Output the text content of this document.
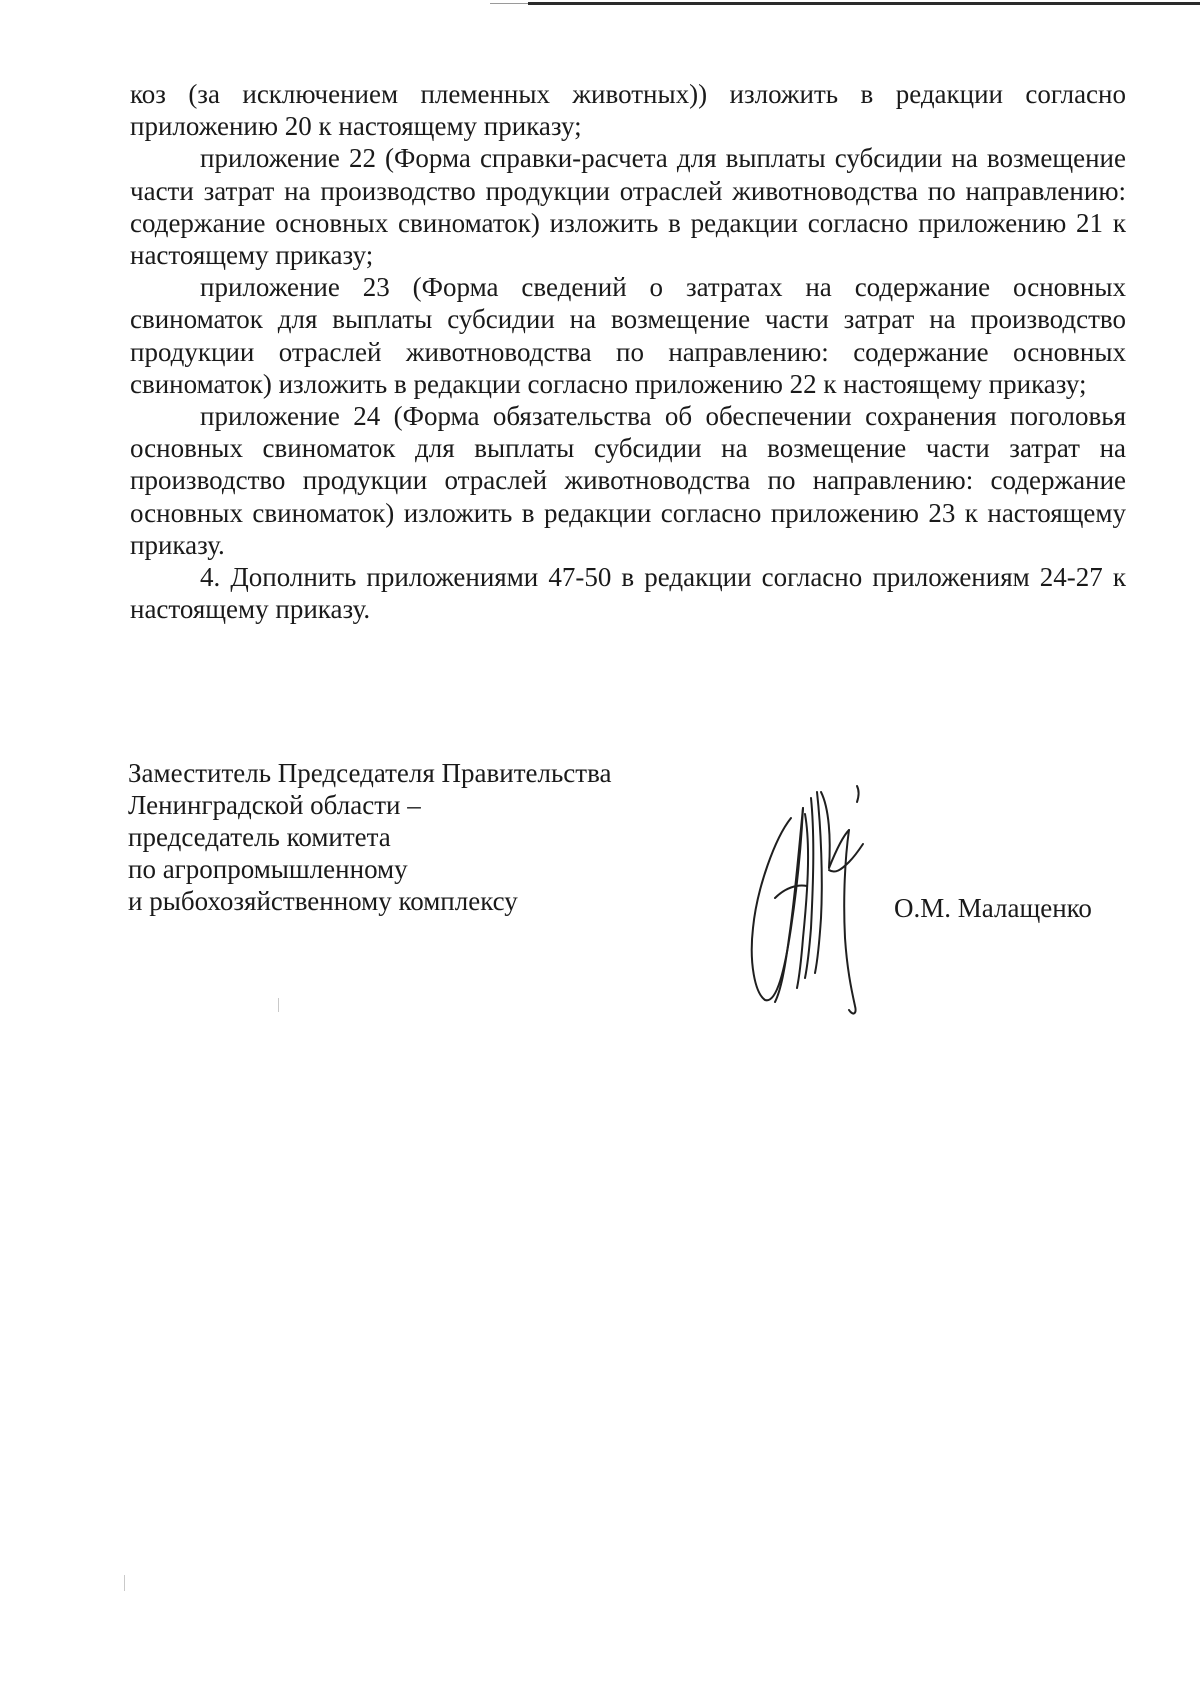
коз (за исключением племенных животных)) изложить в редакции согласно приложению 20 к настоящему приказу;

приложение 22 (Форма справки-расчета для выплаты субсидии на возмещение части затрат на производство продукции отраслей животноводства по направлению: содержание основных свиноматок) изложить в редакции согласно приложению 21 к настоящему приказу;

приложение 23 (Форма сведений о затратах на содержание основных свиноматок для выплаты субсидии на возмещение части затрат на производство продукции отраслей животноводства по направлению: содержание основных свиноматок) изложить в редакции согласно приложению 22 к настоящему приказу;

приложение 24 (Форма обязательства об обеспечении сохранения поголовья основных свиноматок для выплаты субсидии на возмещение части затрат на производство продукции отраслей животноводства по направлению: содержание основных свиноматок) изложить в редакции согласно приложению 23 к настоящему приказу.

4. Дополнить приложениями 47-50 в редакции согласно приложениям 24-27 к настоящему приказу.

Заместитель Председателя Правительства
Ленинградской области –
председатель комитета
по агропромышленному
и рыбохозяйственному комплексу	О.М. Малащенко
